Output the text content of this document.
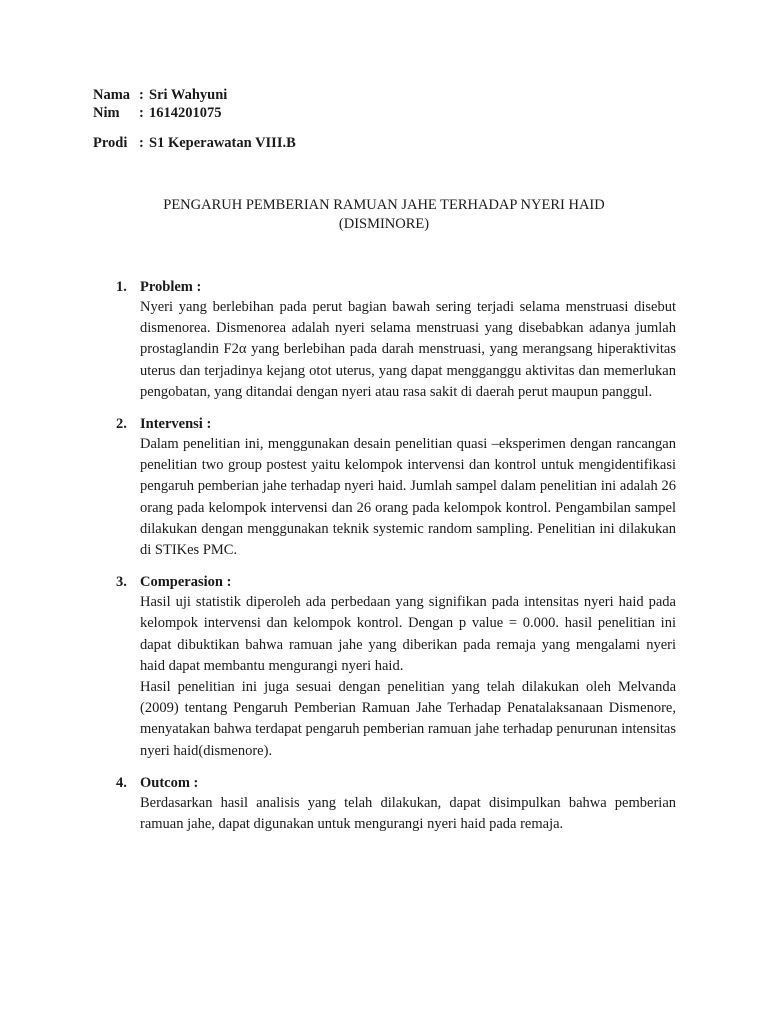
Nama : Sri Wahyuni
Nim	: 1614201075
Prodi : S1 Keperawatan VIII.B
PENGARUH PEMBERIAN RAMUAN JAHE TERHADAP NYERI HAID
(DISMINORE)
1. Problem :

Nyeri yang berlebihan pada perut bagian bawah sering terjadi selama menstruasi disebut dismenorea. Dismenorea adalah nyeri selama menstruasi yang disebabkan adanya jumlah prostaglandin F2α yang berlebihan pada darah menstruasi, yang merangsang hiperaktivitas uterus dan terjadinya kejang otot uterus, yang dapat mengganggu aktivitas dan memerlukan pengobatan, yang ditandai dengan nyeri atau rasa sakit di daerah perut maupun panggul.

2. Intervensi :

Dalam penelitian ini, menggunakan desain penelitian quasi –eksperimen dengan rancangan penelitian two group postest yaitu kelompok intervensi dan kontrol untuk mengidentifikasi pengaruh pemberian jahe terhadap nyeri haid. Jumlah sampel dalam penelitian ini adalah 26 orang pada kelompok intervensi dan 26 orang pada kelompok kontrol. Pengambilan sampel dilakukan dengan menggunakan teknik systemic random sampling. Penelitian ini dilakukan di STIKes PMC.

3. Comperasion :

Hasil uji statistik diperoleh ada perbedaan yang signifikan pada intensitas nyeri haid pada kelompok intervensi dan kelompok kontrol. Dengan p value = 0.000. hasil penelitian ini dapat dibuktikan bahwa ramuan jahe yang diberikan pada remaja yang mengalami nyeri haid dapat membantu mengurangi nyeri haid.

Hasil penelitian ini juga sesuai dengan penelitian yang telah dilakukan oleh Melvanda (2009) tentang Pengaruh Pemberian Ramuan Jahe Terhadap Penatalaksanaan Dismenore, menyatakan bahwa terdapat pengaruh pemberian ramuan jahe terhadap penurunan intensitas nyeri haid(dismenore).

4. Outcom :

Berdasarkan hasil analisis yang telah dilakukan, dapat disimpulkan bahwa pemberian ramuan jahe, dapat digunakan untuk mengurangi nyeri haid pada remaja.
